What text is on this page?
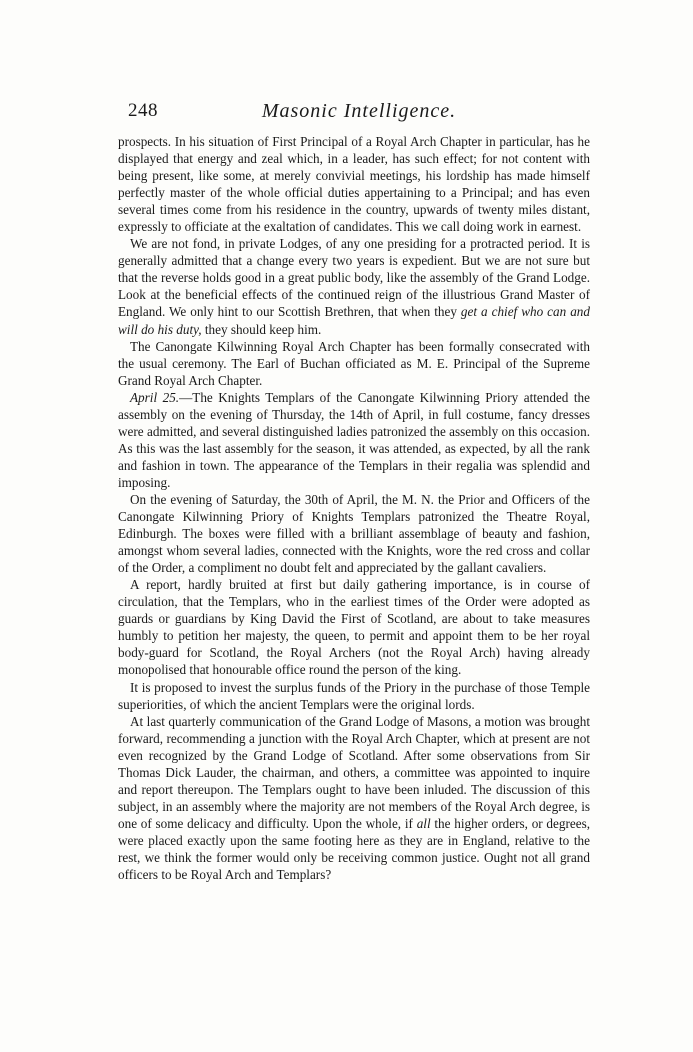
248	Masonic Intelligence.

prospects. In his situation of First Principal of a Royal Arch Chapter in particular, has he displayed that energy and zeal which, in a leader, has such effect; for not content with being present, like some, at merely convivial meetings, his lordship has made himself perfectly master of the whole official duties appertaining to a Principal; and has even several times come from his residence in the country, upwards of twenty miles distant, expressly to officiate at the exaltation of candidates. This we call doing work in earnest.

We are not fond, in private Lodges, of any one presiding for a protracted period. It is generally admitted that a change every two years is expedient. But we are not sure but that the reverse holds good in a great public body, like the assembly of the Grand Lodge. Look at the beneficial effects of the continued reign of the illustrious Grand Master of England. We only hint to our Scottish Brethren, that when they get a chief who can and will do his duty, they should keep him.

The Canongate Kilwinning Royal Arch Chapter has been formally consecrated with the usual ceremony. The Earl of Buchan officiated as M. E. Principal of the Supreme Grand Royal Arch Chapter.

April 25.—The Knights Templars of the Canongate Kilwinning Priory attended the assembly on the evening of Thursday, the 14th of April, in full costume, fancy dresses were admitted, and several distinguished ladies patronized the assembly on this occasion. As this was the last assembly for the season, it was attended, as expected, by all the rank and fashion in town. The appearance of the Templars in their regalia was splendid and imposing.

On the evening of Saturday, the 30th of April, the M. N. the Prior and Officers of the Canongate Kilwinning Priory of Knights Templars patronized the Theatre Royal, Edinburgh. The boxes were filled with a brilliant assemblage of beauty and fashion, amongst whom several ladies, connected with the Knights, wore the red cross and collar of the Order, a compliment no doubt felt and appreciated by the gallant cavaliers.

A report, hardly bruited at first but daily gathering importance, is in course of circulation, that the Templars, who in the earliest times of the Order were adopted as guards or guardians by King David the First of Scotland, are about to take measures humbly to petition her majesty, the queen, to permit and appoint them to be her royal body-guard for Scotland, the Royal Archers (not the Royal Arch) having already monopolised that honourable office round the person of the king.

It is proposed to invest the surplus funds of the Priory in the purchase of those Temple superiorities, of which the ancient Templars were the original lords.

At last quarterly communication of the Grand Lodge of Masons, a motion was brought forward, recommending a junction with the Royal Arch Chapter, which at present are not even recognized by the Grand Lodge of Scotland. After some observations from Sir Thomas Dick Lauder, the chairman, and others, a committee was appointed to inquire and report thereupon. The Templars ought to have been inluded. The discussion of this subject, in an assembly where the majority are not members of the Royal Arch degree, is one of some delicacy and difficulty. Upon the whole, if all the higher orders, or degrees, were placed exactly upon the same footing here as they are in England, relative to the rest, we think the former would only be receiving common justice. Ought not all grand officers to be Royal Arch and Templars?
